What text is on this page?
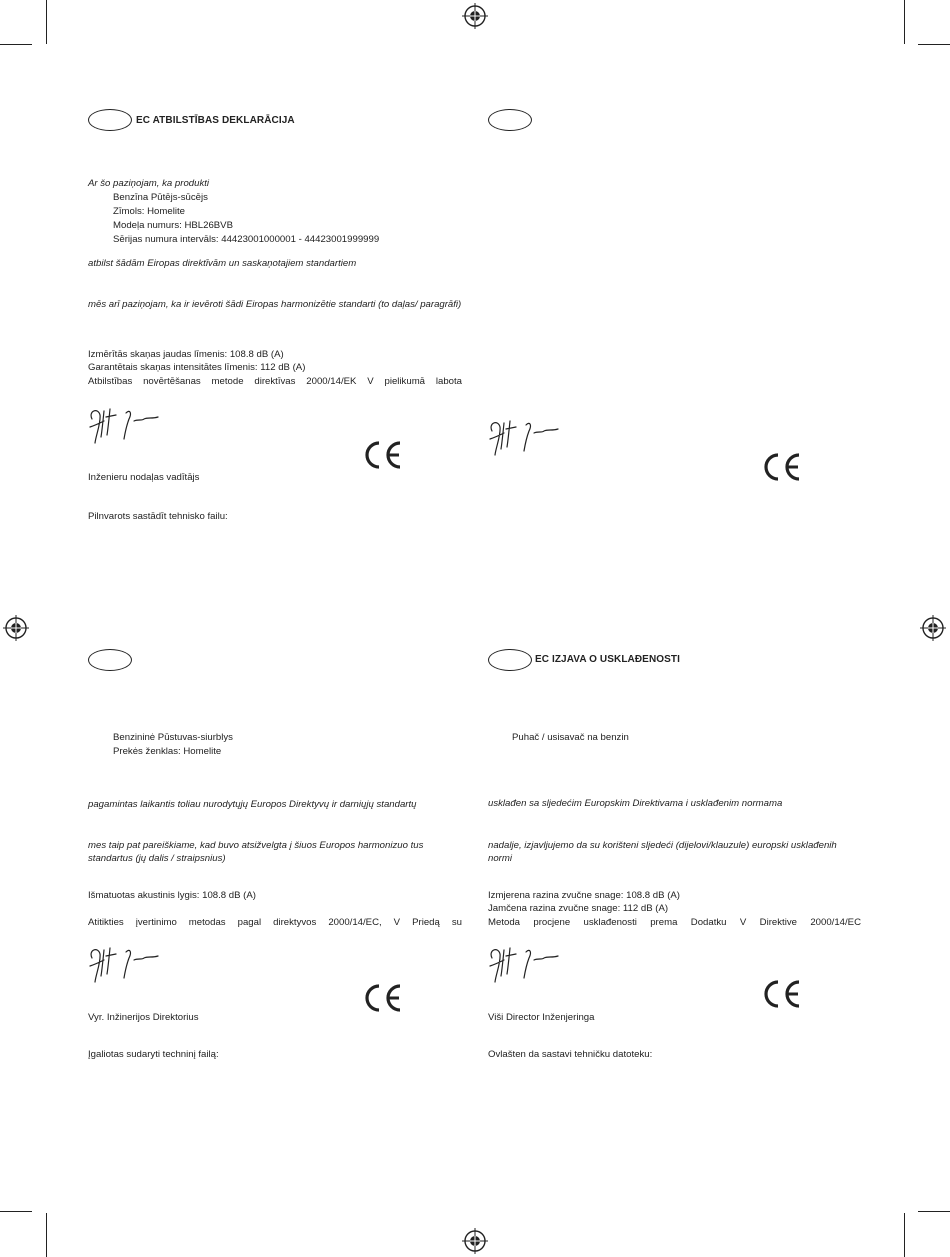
EC ATBILSTĪBAS DEKLARĀCIJA
Ar šo paziņojam, ka produkti
Benzīna Pūtējs-sūcējs
Zīmols: Homelite
Modeļa numurs: HBL26BVB
Sērijas numura intervāls: 44423001000001 - 44423001999999
atbilst šādām Eiropas direktīvām un saskaņotajiem standartiem
mēs arī paziņojam, ka ir ievēroti šādi Eiropas harmonizētie standarti (to daļas/ paragrāfi)
Izmērītās skaņas jaudas līmenis: 108.8 dB (A)
Garantētais skaņas intensitātes līmenis: 112 dB (A)
Atbilstības novērtēšanas metode direktīvas 2000/14/EK V pielikumā labota
Inženieru nodaļas vadītājs
Pilnvarots sastādīt tehnisko failu:
Benzininė Pūstuvas-siurblys
Prekės ženklas: Homelite
pagamintas laikantis toliau nurodytųjų Europos Direktyvų ir darniųjų standartų
mes taip pat pareiškiame, kad buvo atsižvelgta į šiuos Europos harmonizuo tus standartus (jų dalis / straipsnius)
Išmatuotas akustinis lygis: 108.8 dB (A)
Atitikties įvertinimo metodas pagal direktyvos 2000/14/EC, V Priedą su
Vyr. Inžinerijos Direktorius
Įgaliotas sudaryti techninį failą:
EC IZJAVA O USKLAĐENOSTI
Puhač / usisavač na benzin
usklađen sa sljedećim Europskim Direktivama i usklađenim normama
nadalje, izjavljujemo da su korišteni sljedeći (dijelovi/klauzule) europski usklađenih normi
Izmjerena razina zvučne snage: 108.8 dB (A)
Jamčena razina zvučne snage: 112 dB (A)
Metoda procjene usklađenosti prema Dodatku V Direktive 2000/14/EC
Viši Director Inženjeringa
Ovlašten da sastavi tehničku datoteku:
